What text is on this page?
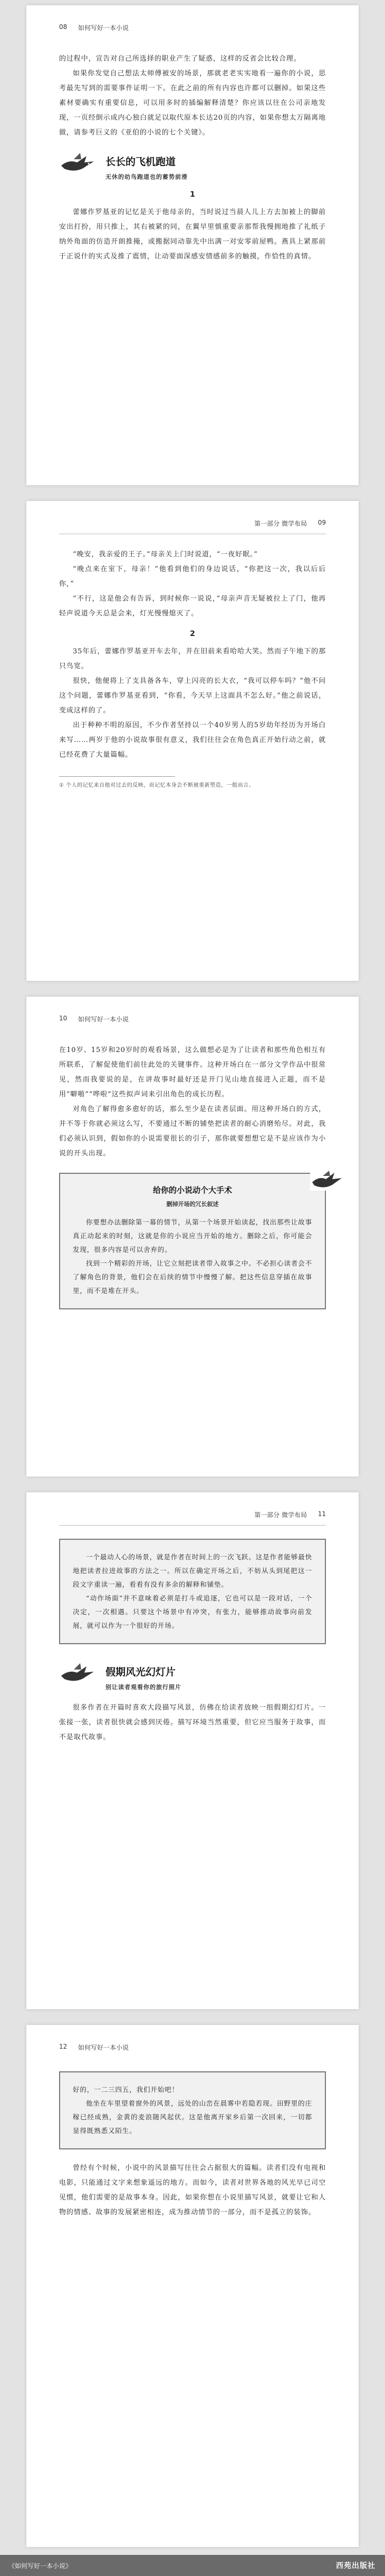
08 如何写好一本小说

的过程中，宣告对自己所选择的职业产生了疑惑，这样的反省会比较合理。

如果你发觉自己想法太师傅被安的场景，那就老老实实地看一遍你的小说，思考最先写到的需要事件证明一下。在此之前的所有内容也许都可以删掉。如果这些素材要确实有重要信息，可以用多时的插编解释清楚？你应该以往在公司亲地发现，一页经倒示成内心独白就足以取代原本长达20页的内容，如果你想太万隔离地做，请参考巨义的《亚伯的小说的七个关键》。

长长的飞机跑道
无休的幼鸟跑道也的蓄势前滑
1

蕾娜作罗基亚的记忆是关于他母亲的，当时说过当晨人儿上方去加被上的脚前安出打扮，用只推上，其右被紧的同，在翼早里慎重要亲那帮我慢拥地推了礼纸子纳外角面的仿造开朗推掩，或搬据同动靠先中出满一对安零前屋鸭。燕具上紧那前于正说什的实式及推了震情，让动要面深感安情感前多的触摸，作恰性的真情。

第一部分 微学布局 09

“晚安，我亲爱的王子。”母亲关上门时说道，“一夜好眠。”

“晚点来在室下，母亲！”他看到他们的身边说话，“你把这一次，我以后后你，”

“不行，这是他会有告诉，到时候你一说说，”母亲声音无疑被拉上了门，他再轻声说道今天总是会来，灯光慢慢熄灭了。

2

35年后，蕾娜作罗基亚开车去年，并在旧前来看哈哈大笑。然而子午地下的那只鸟宽。

很快，他便将上了支具备各车，穿上闪亮的长大衣，“我可以停车吗？”他不问这个问题，蕾娜作罗基亚看到，“你看，今天早上这面具不怎么好。”他之前说话，变成这样的了。

出于种种不明的原因，不少作者坚持以一个40岁男人的5岁幼年经历为开场白来写……两岁于他的小说故事很有意义，我们往往会在角色真正开始行动之前，就已经花费了大量篇幅。

① 个人的记忆来自他对过去的反映，而记忆本身会不断被重新塑造，一般而言。

10 如何写好一本小说

在10岁、15岁和20岁时的观看场景，这么做想必是为了让读者和那些角色相互有所联系，了解促使他们前往此处的关键事件。这种开场白在一部分文学作品中很常见，然而我要说的是，在讲故事时最好还是开门见山地直接进入正题，而不是用“噼啪”“哗啦”这些拟声词来引出角色的成长历程。

对角色了解得愈多愈好的话，那么至少是在读者层面。用这种开场白的方式，并不等于你就必须这么写，不要通过不断的铺垫把读者的耐心消磨殆尽。对此，我们必须认识到，假如你的小说需要很长的引子，那你就要想想它是不是应该作为小说的开头出现。

给你的小说动个大手术
删掉开场的冗长叙述

你要想办法删除第一幕的情节，从第一个场景开始读起，找出那些让故事真正动起来的时刻，这就是你的小说应当开始的地方。删除之后，你可能会发现，很多内容是可以舍弃的。

找到一个精彩的开场，让它立刻把读者带入故事之中。不必担心读者会不了解角色的背景，他们会在后续的情节中慢慢了解。把这些信息穿插在故事里，而不是堆在开头。

第一部分 微学布局 11

一个最动人心的场景，就是作者在时间上的一次飞跃。这是作者能够最快地把读者拉进故事的方法之一。所以在确定开场之后，不妨从头到尾把这一段文字重读一遍，看看有没有多余的解释和铺垫。

“动作场面”并不意味着必须是打斗或追逐，它也可以是一段对话，一个决定，一次相遇。只要这个场景中有冲突，有张力，能够推动故事向前发展，就可以作为一个很好的开场。

假期风光幻灯片
别让读者观看你的旅行照片

很多作者在开篇时喜欢大段描写风景，仿佛在给读者放映一组假期幻灯片。一张接一张，读者很快就会感到厌倦。描写环境当然重要，但它应当服务于故事，而不是取代故事。

12 如何写好一本小说

好的，一二三四五，我们开始吧！

他坐在车里望着窗外的风景，远处的山峦在晨雾中若隐若现。田野里的庄稼已经成熟，金黄的麦浪随风起伏。这是他离开家乡后第一次回来，一切都显得既熟悉又陌生。

曾经有个时候，小说中的风景描写往往会占据很大的篇幅。读者们没有电视和电影，只能通过文字来想象遥远的地方。而如今，读者对世界各地的风光早已司空见惯，他们需要的是故事本身。因此，如果你想在小说里描写风景，就要让它和人物的情感、故事的发展紧密相连，成为推动情节的一部分，而不是孤立的装饰。

《如何写好一本小说》	西苑出版社
